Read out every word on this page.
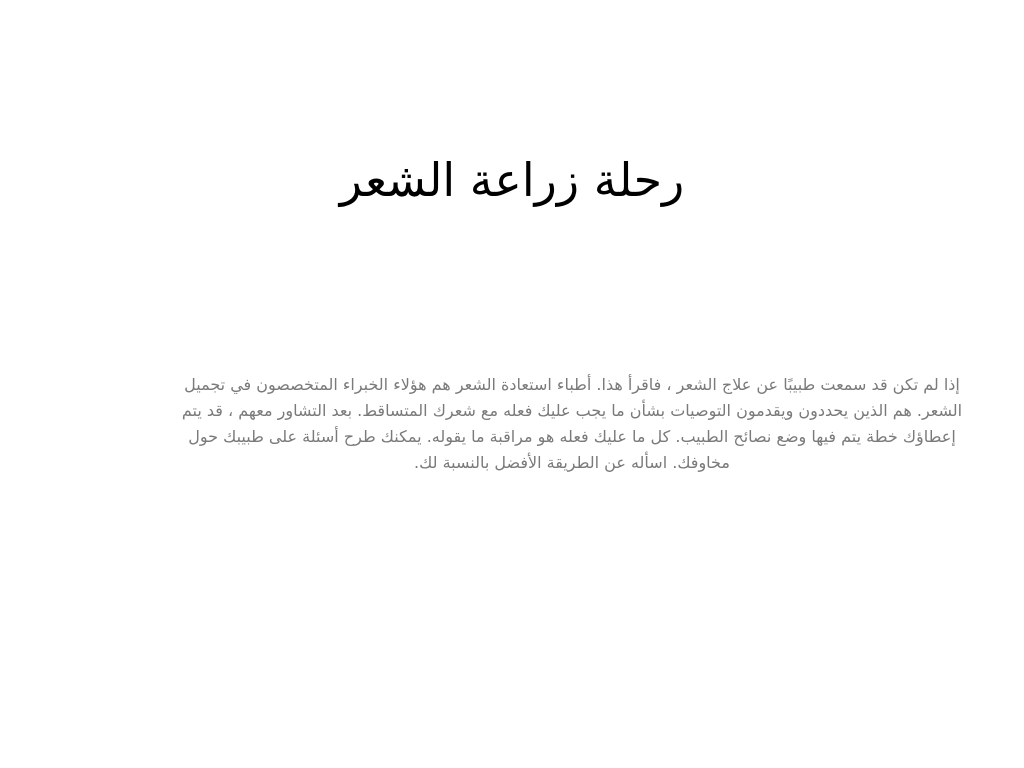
رحلة زراعة الشعر

إذا لم تكن قد سمعت طبيبًا عن علاج الشعر ، فاقرأ هذا. أطباء استعادة الشعر هم هؤلاء الخبراء المتخصصون في تجميل الشعر. هم الذين يحددون ويقدمون التوصيات بشأن ما يجب عليك فعله مع شعرك المتساقط. بعد التشاور معهم ، قد يتم إعطاؤك خطة يتم فيها وضع نصائح الطبيب. كل ما عليك فعله هو مراقبة ما يقوله. يمكنك طرح أسئلة على طبيبك حول مخاوفك. اسأله عن الطريقة الأفضل بالنسبة لك.
